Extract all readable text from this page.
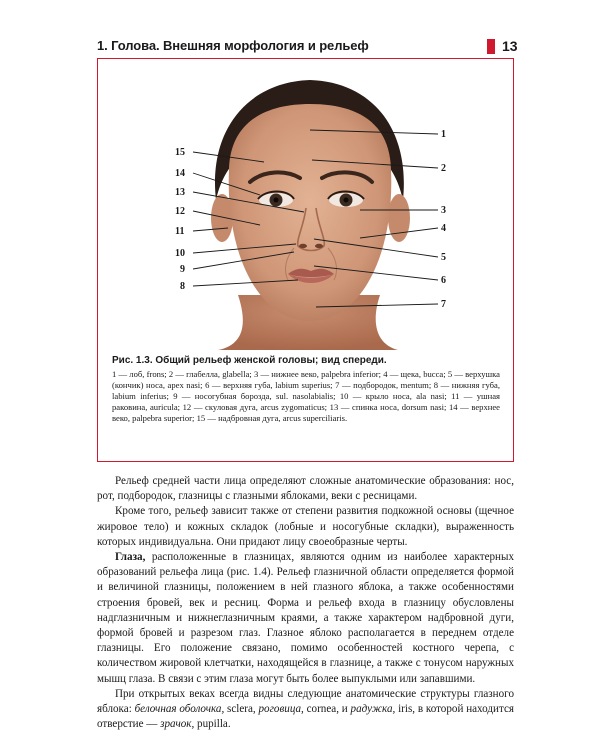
1. Голова. Внешняя морфология и рельеф	13
1
2
3
4
5
6
7
8
9
10
11
12
13
14
15
Рис. 1.3. Общий рельеф женской головы; вид спереди.
1 — лоб, frons; 2 — глабелла, glabella; 3 — нижнее веко, palpebra inferior; 4 — щека, bucca; 5 — верхушка (кончик) носа, apex nasi; 6 — верхняя губа, labium superius; 7 — подбородок, mentum; 8 — нижняя губа, labium inferius; 9 — носогубная борозда, sul. nasolabialis; 10 — крыло носа, ala nasi; 11 — ушная раковина, auricula; 12 — скуловая дуга, arcus zygomaticus; 13 — спинка носа, dorsum nasi; 14 — верхнее веко, palpebra superior; 15 — надбровная дуга, arcus superciliaris.

Рельеф средней части лица определяют сложные анатомические образования: нос, рот, подбородок, глазницы с глазными яблоками, веки с ресницами.

Кроме того, рельеф зависит также от степени развития подкожной основы (щечное жировое тело) и кожных складок (лобные и носогубные складки), выраженность которых индивидуальна. Они придают лицу своеобразные черты.

Глаза, расположенные в глазницах, являются одним из наиболее характерных образований рельефа лица (рис. 1.4). Рельеф глазничной области определяется формой и величиной глазницы, положением в ней глазного яблока, а также особенностями строения бровей, век и ресниц. Форма и рельеф входа в глазницу обусловлены надглазничным и нижнеглазничным краями, а также характером надбровной дуги, формой бровей и разрезом глаз. Глазное яблоко располагается в переднем отделе глазницы. Его положение связано, помимо особенностей костного черепа, с количеством жировой клетчатки, находящейся в глазнице, а также с тонусом наружных мышц глаза. В связи с этим глаза могут быть более выпуклыми или запавшими.

При открытых веках всегда видны следующие анатомические структуры глазного яблока: белочная оболочка, sclera, роговица, cornea, и радужка, iris, в которой находится отверстие — зрачок, pupilla.
